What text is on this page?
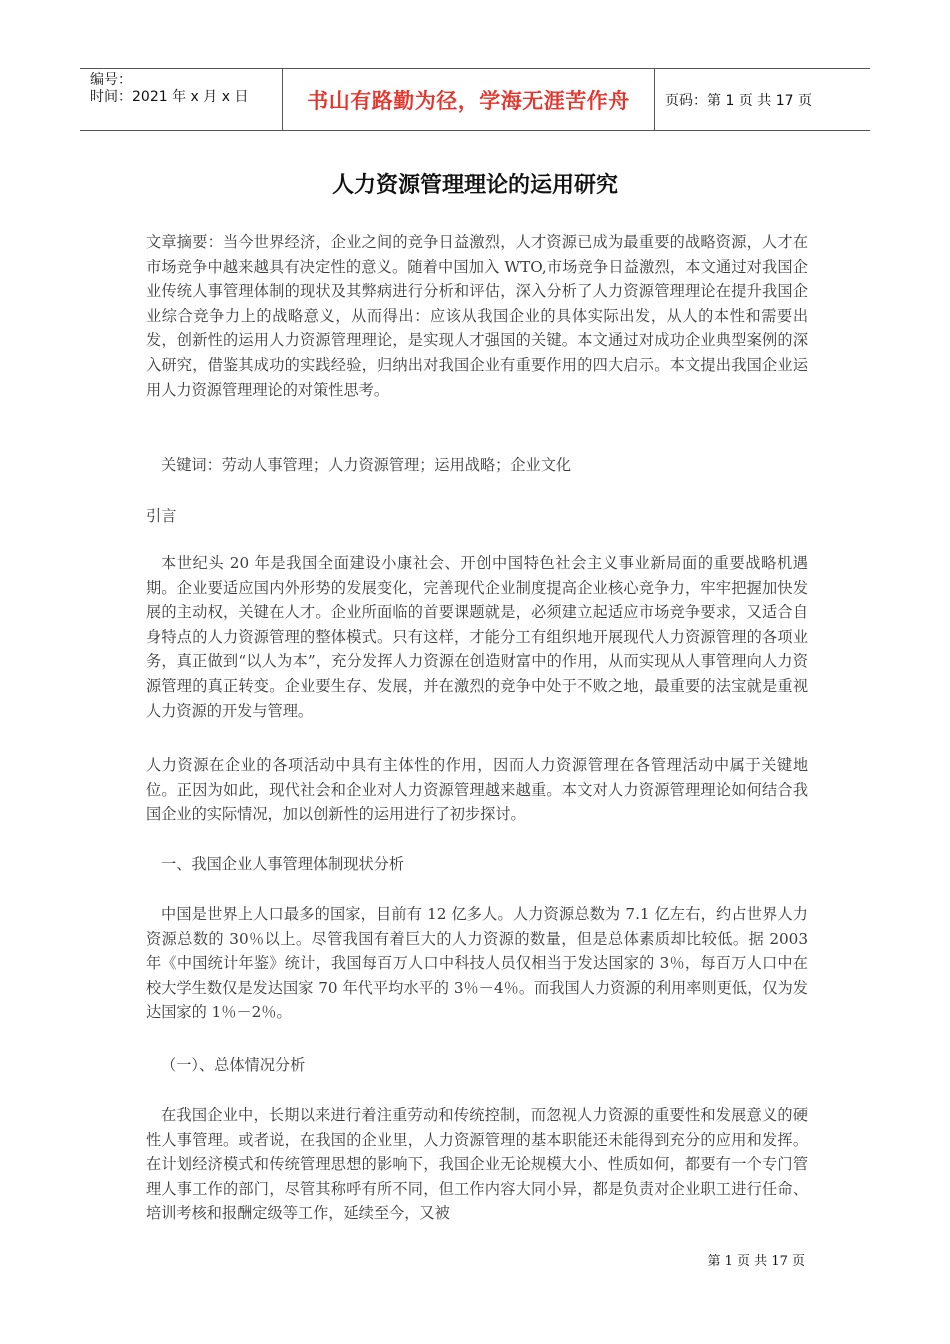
编号：
时间：2021 年 x 月 x 日	书山有路勤为径，学海无涯苦作舟	页码：第 1 页 共 17 页
人力资源管理理论的运用研究

文章摘要：当今世界经济，企业之间的竞争日益激烈，人才资源已成为最重要的战略资源，人才在市场竞争中越来越具有决定性的意义。随着中国加入 WTO,市场竞争日益激烈，本文通过对我国企业传统人事管理体制的现状及其弊病进行分析和评估，深入分析了人力资源管理理论在提升我国企业综合竞争力上的战略意义，从而得出：应该从我国企业的具体实际出发，从人的本性和需要出发，创新性的运用人力资源管理理论，是实现人才强国的关键。本文通过对成功企业典型案例的深入研究，借鉴其成功的实践经验，归纳出对我国企业有重要作用的四大启示。本文提出我国企业运用人力资源管理理论的对策性思考。

关键词：劳动人事管理；人力资源管理；运用战略；企业文化

引言

本世纪头 20 年是我国全面建设小康社会、开创中国特色社会主义事业新局面的重要战略机遇期。企业要适应国内外形势的发展变化，完善现代企业制度提高企业核心竞争力，牢牢把握加快发展的主动权，关键在人才。企业所面临的首要课题就是，必须建立起适应市场竞争要求，又适合自身特点的人力资源管理的整体模式。只有这样，才能分工有组织地开展现代人力资源管理的各项业务，真正做到“以人为本”，充分发挥人力资源在创造财富中的作用，从而实现从人事管理向人力资源管理的真正转变。企业要生存、发展，并在激烈的竞争中处于不败之地，最重要的法宝就是重视人力资源的开发与管理。

人力资源在企业的各项活动中具有主体性的作用，因而人力资源管理在各管理活动中属于关键地位。正因为如此，现代社会和企业对人力资源管理越来越重。本文对人力资源管理理论如何结合我国企业的实际情况，加以创新性的运用进行了初步探讨。

一、我国企业人事管理体制现状分析

中国是世界上人口最多的国家，目前有 12 亿多人。人力资源总数为 7.1 亿左右，约占世界人力资源总数的 30％以上。尽管我国有着巨大的人力资源的数量，但是总体素质却比较低。据 2003 年《中国统计年鉴》统计，我国每百万人口中科技人员仅相当于发达国家的 3％，每百万人口中在校大学生数仅是发达国家 70 年代平均水平的 3％－4％。而我国人力资源的利用率则更低，仅为发达国家的 1％－2％。

（一）、总体情况分析

在我国企业中，长期以来进行着注重劳动和传统控制，而忽视人力资源的重要性和发展意义的硬性人事管理。或者说，在我国的企业里，人力资源管理的基本职能还未能得到充分的应用和发挥。在计划经济模式和传统管理思想的影响下，我国企业无论规模大小、性质如何，都要有一个专门管理人事工作的部门，尽管其称呼有所不同，但工作内容大同小异，都是负责对企业职工进行任命、培训考核和报酬定级等工作，延续至今，又被

第 1 页 共 17 页
